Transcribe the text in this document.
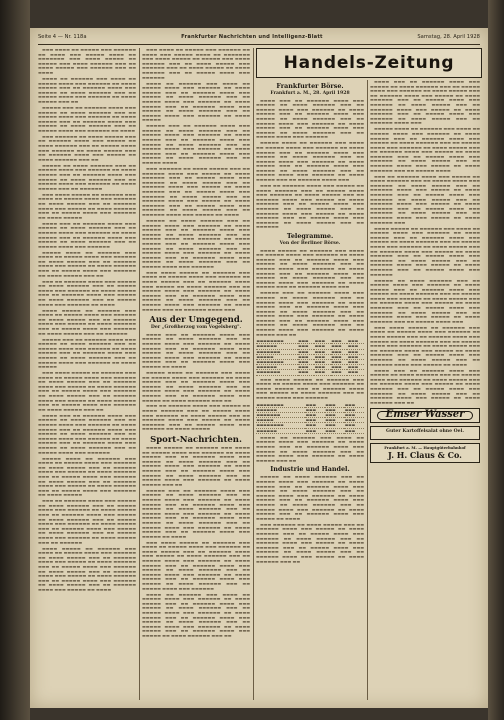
Seite 4 — Nr. 118a	Frankfurter Nachrichten und Intelligenz-Blatt	Samstag, 28. April 1928

▬▬▬ ▬▬▬▬ ▬▬ ▬▬▬▬▬ ▬▬▬ ▬▬▬▬▬▬ ▬▬ ▬▬▬▬ ▬▬▬ ▬▬▬▬▬ ▬▬▬▬ ▬▬ ▬▬▬▬▬▬▬ ▬▬▬ ▬▬▬▬ ▬▬▬▬▬ ▬▬ ▬▬▬▬▬ ▬▬▬ ▬▬▬▬ ▬▬▬▬▬▬ ▬▬▬ ▬▬ ▬▬▬▬ ▬▬▬▬▬ ▬▬▬ ▬▬▬▬▬▬ ▬▬▬ ▬▬ ▬▬▬▬

▬▬▬▬ ▬▬ ▬▬▬▬▬▬ ▬▬▬ ▬▬▬▬ ▬▬ ▬▬▬▬▬ ▬▬▬▬ ▬▬▬ ▬▬▬▬▬▬ ▬▬ ▬▬▬▬ ▬▬▬▬▬ ▬▬▬ ▬▬ ▬▬▬▬▬▬ ▬▬▬▬ ▬▬▬ ▬▬▬▬▬ ▬▬ ▬▬▬▬ ▬▬▬▬▬▬ ▬▬▬ ▬▬ ▬▬▬▬▬ ▬▬▬▬ ▬▬▬ ▬▬▬▬▬▬ ▬▬ ▬▬▬▬ ▬▬▬▬▬ ▬▬▬ ▬▬

▬▬▬▬▬ ▬▬▬ ▬▬ ▬▬▬▬▬▬ ▬▬▬▬ ▬▬▬ ▬▬▬▬▬ ▬▬ ▬▬▬▬ ▬▬▬▬▬▬ ▬▬▬ ▬▬ ▬▬▬▬▬ ▬▬▬▬ ▬▬▬ ▬▬▬▬▬▬ ▬▬ ▬▬▬▬ ▬▬▬▬▬ ▬▬▬ ▬▬ ▬▬▬▬▬▬ ▬▬▬▬ ▬▬▬ ▬▬▬▬▬ ▬▬ ▬▬▬▬ ▬▬▬▬▬▬ ▬▬▬ ▬▬ ▬▬▬▬▬ ▬▬▬▬ ▬▬▬ ▬▬▬▬▬▬ ▬▬ ▬▬▬▬

▬▬▬ ▬▬▬▬▬▬ ▬▬ ▬▬▬▬ ▬▬▬▬▬ ▬▬▬ ▬▬ ▬▬▬▬▬▬ ▬▬▬▬ ▬▬▬ ▬▬▬▬▬ ▬▬ ▬▬▬▬ ▬▬▬▬▬▬ ▬▬▬ ▬▬ ▬▬▬▬▬ ▬▬▬▬ ▬▬▬ ▬▬▬▬▬▬ ▬▬ ▬▬▬▬ ▬▬▬▬▬ ▬▬▬ ▬▬ ▬▬▬▬▬▬ ▬▬▬▬ ▬▬▬ ▬▬▬▬▬ ▬▬ ▬▬▬▬ ▬▬▬▬▬▬ ▬▬▬ ▬▬

▬▬▬▬▬ ▬▬ ▬▬▬▬ ▬▬▬▬▬▬ ▬▬▬ ▬▬ ▬▬▬▬▬ ▬▬▬▬ ▬▬▬ ▬▬▬▬▬▬ ▬▬ ▬▬▬▬ ▬▬▬▬▬ ▬▬▬ ▬▬ ▬▬▬▬▬▬ ▬▬▬▬ ▬▬▬ ▬▬▬▬▬ ▬▬ ▬▬▬▬ ▬▬▬▬▬▬ ▬▬▬ ▬▬ ▬▬▬▬▬ ▬▬▬▬ ▬▬▬ ▬▬▬▬▬▬ ▬▬ ▬▬▬▬ ▬▬▬▬▬ ▬▬▬ ▬▬ ▬▬▬▬▬▬

▬▬▬ ▬▬▬▬ ▬▬▬▬▬ ▬▬ ▬▬▬▬▬▬ ▬▬▬ ▬▬▬▬ ▬▬ ▬▬▬▬▬ ▬▬▬▬ ▬▬▬ ▬▬▬▬▬▬ ▬▬ ▬▬▬▬ ▬▬▬▬▬ ▬▬▬ ▬▬ ▬▬▬▬▬▬ ▬▬▬▬ ▬▬▬ ▬▬▬▬▬ ▬▬ ▬▬▬▬ ▬▬▬▬▬▬ ▬▬▬ ▬▬ ▬▬▬▬▬ ▬▬▬▬ ▬▬▬ ▬▬▬▬▬▬ ▬▬ ▬▬▬▬ ▬▬▬▬▬

▬▬▬▬ ▬▬▬ ▬▬ ▬▬▬▬▬▬ ▬▬▬▬ ▬▬▬ ▬▬▬▬▬ ▬▬ ▬▬▬▬ ▬▬▬▬▬▬ ▬▬▬ ▬▬ ▬▬▬▬▬ ▬▬▬▬ ▬▬▬ ▬▬▬▬▬▬ ▬▬ ▬▬▬▬ ▬▬▬▬▬ ▬▬▬ ▬▬ ▬▬▬▬▬▬ ▬▬▬▬ ▬▬▬ ▬▬▬▬▬ ▬▬ ▬▬▬▬ ▬▬▬▬▬▬ ▬▬▬ ▬▬ ▬▬▬▬▬ ▬▬▬▬ ▬▬▬ ▬▬▬▬▬▬

▬▬▬▬▬ ▬▬▬▬ ▬▬ ▬▬▬▬▬▬ ▬▬▬ ▬▬▬▬ ▬▬ ▬▬▬▬▬ ▬▬▬▬ ▬▬▬ ▬▬▬▬▬▬ ▬▬ ▬▬▬▬ ▬▬▬▬▬ ▬▬▬ ▬▬ ▬▬▬▬▬▬ ▬▬▬▬ ▬▬▬ ▬▬▬▬▬ ▬▬ ▬▬▬▬ ▬▬▬▬▬▬ ▬▬▬ ▬▬ ▬▬▬▬▬ ▬▬▬▬ ▬▬▬ ▬▬▬▬▬▬ ▬▬ ▬▬▬▬ ▬▬▬▬▬ ▬▬▬ ▬▬

▬▬▬ ▬▬ ▬▬▬▬▬▬ ▬▬▬▬ ▬▬▬ ▬▬▬▬▬ ▬▬ ▬▬▬▬ ▬▬▬▬▬▬ ▬▬▬ ▬▬ ▬▬▬▬▬ ▬▬▬▬ ▬▬▬ ▬▬▬▬▬▬ ▬▬ ▬▬▬▬ ▬▬▬▬▬ ▬▬▬ ▬▬ ▬▬▬▬▬▬ ▬▬▬▬ ▬▬▬ ▬▬▬▬▬ ▬▬ ▬▬▬▬ ▬▬▬▬▬▬ ▬▬▬ ▬▬ ▬▬▬▬▬ ▬▬▬▬ ▬▬▬ ▬▬▬▬▬▬ ▬▬ ▬▬▬▬

▬▬▬▬ ▬▬▬▬▬ ▬▬ ▬▬▬▬▬▬ ▬▬▬ ▬▬▬▬ ▬▬ ▬▬▬▬▬ ▬▬▬▬ ▬▬▬ ▬▬▬▬▬▬ ▬▬ ▬▬▬▬ ▬▬▬▬▬ ▬▬▬ ▬▬ ▬▬▬▬▬▬ ▬▬▬▬ ▬▬▬ ▬▬▬▬▬ ▬▬ ▬▬▬▬ ▬▬▬▬▬▬ ▬▬▬ ▬▬ ▬▬▬▬▬ ▬▬▬▬ ▬▬▬ ▬▬▬▬▬▬ ▬▬ ▬▬▬▬ ▬▬▬▬▬ ▬▬▬ ▬▬ ▬▬▬▬▬▬

▬▬▬▬▬ ▬▬▬ ▬▬ ▬▬▬▬▬▬ ▬▬▬▬ ▬▬▬ ▬▬▬▬▬ ▬▬ ▬▬▬▬ ▬▬▬▬▬▬ ▬▬▬ ▬▬ ▬▬▬▬▬ ▬▬▬▬ ▬▬▬ ▬▬▬▬▬▬ ▬▬ ▬▬▬▬ ▬▬▬▬▬ ▬▬▬ ▬▬ ▬▬▬▬▬▬ ▬▬▬▬ ▬▬▬ ▬▬▬▬▬ ▬▬ ▬▬▬▬ ▬▬▬▬▬▬ ▬▬▬ ▬▬ ▬▬▬▬▬ ▬▬▬▬ ▬▬▬ ▬▬▬▬▬▬ ▬▬ ▬▬▬▬ ▬▬▬▬▬

▬▬▬ ▬▬▬▬ ▬▬▬▬▬ ▬▬ ▬▬▬▬▬▬ ▬▬▬ ▬▬▬▬ ▬▬ ▬▬▬▬▬ ▬▬▬▬ ▬▬▬ ▬▬▬▬▬▬ ▬▬ ▬▬▬▬ ▬▬▬▬▬ ▬▬▬ ▬▬ ▬▬▬▬▬▬ ▬▬▬▬ ▬▬▬ ▬▬▬▬▬ ▬▬ ▬▬▬▬ ▬▬▬▬▬▬ ▬▬▬ ▬▬ ▬▬▬▬▬ ▬▬▬▬ ▬▬▬ ▬▬▬▬▬▬ ▬▬ ▬▬▬▬ ▬▬▬▬▬ ▬▬▬ ▬▬ ▬▬▬▬▬▬ ▬▬▬▬ ▬▬▬ ▬▬▬▬▬ ▬▬ ▬▬▬▬ ▬▬▬▬▬▬ ▬▬▬ ▬▬ ▬▬▬▬▬ ▬▬▬▬ ▬▬▬ ▬▬▬▬▬▬ ▬▬ ▬▬▬▬ ▬▬▬▬▬ ▬▬▬ ▬▬

▬▬▬▬ ▬▬▬ ▬▬ ▬▬▬▬▬▬ ▬▬▬▬ ▬▬▬ ▬▬▬▬▬ ▬▬ ▬▬▬▬ ▬▬▬▬▬▬ ▬▬▬ ▬▬ ▬▬▬▬▬ ▬▬▬▬ ▬▬▬ ▬▬▬▬▬▬ ▬▬ ▬▬▬▬ ▬▬▬▬▬ ▬▬▬ ▬▬ ▬▬▬▬▬▬ ▬▬▬▬ ▬▬▬ ▬▬▬▬▬ ▬▬ ▬▬▬▬ ▬▬▬▬▬▬ ▬▬▬ ▬▬ ▬▬▬▬▬ ▬▬▬▬ ▬▬▬ ▬▬▬▬▬▬ ▬▬ ▬▬▬▬ ▬▬▬▬▬ ▬▬▬ ▬▬ ▬▬▬▬▬▬ ▬▬▬▬ ▬▬▬ ▬▬▬▬▬ ▬▬ ▬▬▬▬ ▬▬▬▬▬▬ ▬▬▬ ▬▬ ▬▬▬▬▬ ▬▬▬▬ ▬▬▬ ▬▬▬▬▬▬

▬▬▬▬▬ ▬▬▬▬ ▬▬ ▬▬▬▬▬▬ ▬▬▬ ▬▬▬▬ ▬▬ ▬▬▬▬▬ ▬▬▬▬ ▬▬▬ ▬▬▬▬▬▬ ▬▬ ▬▬▬▬ ▬▬▬▬▬ ▬▬▬ ▬▬ ▬▬▬▬▬▬ ▬▬▬▬ ▬▬▬ ▬▬▬▬▬ ▬▬ ▬▬▬▬ ▬▬▬▬▬▬ ▬▬▬ ▬▬ ▬▬▬▬▬ ▬▬▬▬ ▬▬▬ ▬▬▬▬▬▬ ▬▬ ▬▬▬▬ ▬▬▬▬▬ ▬▬▬ ▬▬ ▬▬▬▬▬▬ ▬▬▬▬ ▬▬▬ ▬▬▬▬▬ ▬▬ ▬▬▬▬ ▬▬▬▬▬▬ ▬▬▬ ▬▬ ▬▬▬▬▬ ▬▬▬▬ ▬▬▬ ▬▬▬▬▬▬ ▬▬ ▬▬▬▬ ▬▬▬▬▬

▬▬▬ ▬▬ ▬▬▬▬▬▬ ▬▬▬▬ ▬▬▬ ▬▬▬▬▬ ▬▬ ▬▬▬▬ ▬▬▬▬▬▬ ▬▬▬ ▬▬ ▬▬▬▬▬ ▬▬▬▬ ▬▬▬ ▬▬▬▬▬▬ ▬▬ ▬▬▬▬ ▬▬▬▬▬ ▬▬▬ ▬▬ ▬▬▬▬▬▬ ▬▬▬▬ ▬▬▬ ▬▬▬▬▬ ▬▬ ▬▬▬▬ ▬▬▬▬▬▬ ▬▬▬ ▬▬ ▬▬▬▬▬ ▬▬▬▬ ▬▬▬ ▬▬▬▬▬▬ ▬▬ ▬▬▬▬ ▬▬▬▬▬ ▬▬▬ ▬▬ ▬▬▬▬▬▬ ▬▬▬▬ ▬▬▬ ▬▬▬▬▬ ▬▬ ▬▬▬▬ ▬▬▬▬▬▬ ▬▬▬ ▬▬ ▬▬▬▬▬ ▬▬▬▬ ▬▬▬ ▬▬▬▬▬▬ ▬▬ ▬▬▬▬ ▬▬▬▬▬ ▬▬▬ ▬▬ ▬▬▬▬▬▬

▬▬▬▬ ▬▬▬▬▬ ▬▬ ▬▬▬▬▬▬ ▬▬▬ ▬▬▬▬ ▬▬ ▬▬▬▬▬ ▬▬▬▬ ▬▬▬ ▬▬▬▬▬▬ ▬▬ ▬▬▬▬ ▬▬▬▬▬ ▬▬▬ ▬▬ ▬▬▬▬▬▬ ▬▬▬▬ ▬▬▬ ▬▬▬▬▬ ▬▬ ▬▬▬▬ ▬▬▬▬▬▬ ▬▬▬ ▬▬ ▬▬▬▬▬ ▬▬▬▬ ▬▬▬ ▬▬▬▬▬▬ ▬▬ ▬▬▬▬ ▬▬▬▬▬ ▬▬▬ ▬▬ ▬▬▬▬▬▬ ▬▬▬▬ ▬▬▬ ▬▬▬▬▬ ▬▬ ▬▬▬▬ ▬▬▬▬▬▬ ▬▬▬ ▬▬ ▬▬▬▬▬ ▬▬▬▬ ▬▬▬ ▬▬▬▬▬▬ ▬▬ ▬▬▬▬ ▬▬▬▬▬ ▬▬▬ ▬▬ ▬▬▬▬▬▬ ▬▬▬▬ ▬▬▬ ▬▬▬▬▬ ▬▬ ▬▬▬▬

▬▬▬ ▬▬▬▬ ▬▬ ▬▬▬▬▬ ▬▬▬ ▬▬▬▬▬▬ ▬▬ ▬▬▬▬ ▬▬▬ ▬▬▬▬▬ ▬▬▬▬ ▬▬ ▬▬▬▬▬▬▬ ▬▬▬ ▬▬▬▬ ▬▬▬▬▬ ▬▬ ▬▬▬▬▬ ▬▬▬ ▬▬▬▬ ▬▬▬▬▬▬ ▬▬▬ ▬▬ ▬▬▬▬ ▬▬▬▬▬ ▬▬▬ ▬▬▬▬▬▬ ▬▬▬ ▬▬ ▬▬▬▬ ▬▬▬▬▬ ▬▬ ▬▬▬▬ ▬▬▬▬▬▬ ▬▬▬ ▬▬ ▬▬▬▬▬ ▬▬▬▬ ▬▬▬ ▬▬▬▬▬▬

▬▬▬▬ ▬▬ ▬▬▬▬▬▬ ▬▬▬ ▬▬▬▬ ▬▬ ▬▬▬▬▬ ▬▬▬▬ ▬▬▬ ▬▬▬▬▬▬ ▬▬ ▬▬▬▬ ▬▬▬▬▬ ▬▬▬ ▬▬ ▬▬▬▬▬▬ ▬▬▬▬ ▬▬▬ ▬▬▬▬▬ ▬▬ ▬▬▬▬ ▬▬▬▬▬▬ ▬▬▬ ▬▬ ▬▬▬▬▬ ▬▬▬▬ ▬▬▬ ▬▬▬▬▬▬ ▬▬ ▬▬▬▬ ▬▬▬▬▬ ▬▬▬ ▬▬ ▬▬▬▬▬▬ ▬▬▬▬ ▬▬▬ ▬▬▬▬▬ ▬▬ ▬▬▬▬ ▬▬▬▬▬▬ ▬▬▬ ▬▬ ▬▬▬▬▬ ▬▬▬▬ ▬▬▬ ▬▬▬▬▬▬ ▬▬ ▬▬▬▬ ▬▬▬▬▬

▬▬▬▬▬ ▬▬▬ ▬▬ ▬▬▬▬▬▬ ▬▬▬▬ ▬▬▬ ▬▬▬▬▬ ▬▬ ▬▬▬▬ ▬▬▬▬▬▬ ▬▬▬ ▬▬ ▬▬▬▬▬ ▬▬▬▬ ▬▬▬ ▬▬▬▬▬▬ ▬▬ ▬▬▬▬ ▬▬▬▬▬ ▬▬▬ ▬▬ ▬▬▬▬▬▬ ▬▬▬▬ ▬▬▬ ▬▬▬▬▬ ▬▬ ▬▬▬▬ ▬▬▬▬▬▬ ▬▬▬ ▬▬ ▬▬▬▬▬ ▬▬▬▬ ▬▬▬ ▬▬▬▬▬▬ ▬▬ ▬▬▬▬ ▬▬▬▬▬ ▬▬▬ ▬▬ ▬▬▬▬▬▬ ▬▬▬▬ ▬▬▬ ▬▬▬▬▬ ▬▬ ▬▬▬▬ ▬▬▬▬▬▬ ▬▬▬ ▬▬ ▬▬▬▬▬ ▬▬▬▬

▬▬▬ ▬▬▬▬▬▬ ▬▬ ▬▬▬▬ ▬▬▬▬▬ ▬▬▬ ▬▬ ▬▬▬▬▬▬ ▬▬▬▬ ▬▬▬ ▬▬▬▬▬ ▬▬ ▬▬▬▬ ▬▬▬▬▬▬ ▬▬▬ ▬▬ ▬▬▬▬▬ ▬▬▬▬ ▬▬▬ ▬▬▬▬▬▬ ▬▬ ▬▬▬▬ ▬▬▬▬▬ ▬▬▬ ▬▬ ▬▬▬▬▬▬ ▬▬▬▬ ▬▬▬ ▬▬▬▬▬ ▬▬ ▬▬▬▬ ▬▬▬▬▬▬ ▬▬▬ ▬▬ ▬▬▬▬▬ ▬▬▬▬ ▬▬▬ ▬▬▬▬▬▬ ▬▬ ▬▬▬▬ ▬▬▬▬▬ ▬▬▬ ▬▬ ▬▬▬▬▬▬ ▬▬▬▬ ▬▬▬ ▬▬▬▬▬ ▬▬ ▬▬▬▬ ▬▬▬▬▬▬ ▬▬▬ ▬▬ ▬▬▬▬▬ ▬▬▬▬ ▬▬▬ ▬▬▬▬▬▬ ▬▬ ▬▬▬▬ ▬▬▬▬▬ ▬▬▬ ▬▬ ▬▬▬▬▬▬ ▬▬▬▬ ▬▬▬ ▬▬▬▬▬ ▬▬ ▬▬▬▬

▬▬▬▬▬ ▬▬ ▬▬▬▬ ▬▬▬▬▬▬ ▬▬▬ ▬▬ ▬▬▬▬▬ ▬▬▬▬ ▬▬▬ ▬▬▬▬▬▬ ▬▬ ▬▬▬▬ ▬▬▬▬▬ ▬▬▬ ▬▬ ▬▬▬▬▬▬ ▬▬▬▬ ▬▬▬ ▬▬▬▬▬ ▬▬ ▬▬▬▬ ▬▬▬▬▬▬ ▬▬▬ ▬▬ ▬▬▬▬▬ ▬▬▬▬ ▬▬▬ ▬▬▬▬▬▬ ▬▬ ▬▬▬▬ ▬▬▬▬▬ ▬▬▬ ▬▬ ▬▬▬▬▬▬ ▬▬▬▬ ▬▬▬ ▬▬▬▬▬ ▬▬ ▬▬▬▬ ▬▬▬▬▬▬ ▬▬▬ ▬▬ ▬▬▬▬▬ ▬▬▬▬ ▬▬▬ ▬▬▬▬▬▬ ▬▬ ▬▬▬▬ ▬▬▬▬▬ ▬▬▬ ▬▬ ▬▬▬▬▬▬ ▬▬▬▬ ▬▬▬ ▬▬▬▬▬ ▬▬ ▬▬▬▬ ▬▬▬▬▬▬ ▬▬▬ ▬▬ ▬▬▬▬▬ ▬▬▬▬ ▬▬▬ ▬▬▬▬▬▬

▬▬▬ ▬▬▬▬ ▬▬▬▬▬ ▬▬ ▬▬▬▬▬▬ ▬▬▬ ▬▬▬▬ ▬▬ ▬▬▬▬▬ ▬▬▬▬ ▬▬▬ ▬▬▬▬▬▬ ▬▬ ▬▬▬▬ ▬▬▬▬▬ ▬▬▬ ▬▬ ▬▬▬▬▬▬ ▬▬▬▬ ▬▬▬ ▬▬▬▬▬ ▬▬ ▬▬▬▬ ▬▬▬▬▬▬ ▬▬▬ ▬▬ ▬▬▬▬▬ ▬▬▬▬ ▬▬▬ ▬▬▬▬▬▬ ▬▬ ▬▬▬▬ ▬▬▬▬▬ ▬▬▬ ▬▬ ▬▬▬▬▬▬ ▬▬▬▬ ▬▬▬ ▬▬▬▬▬ ▬▬ ▬▬▬▬ ▬▬▬▬▬▬ ▬▬▬ ▬▬ ▬▬▬▬▬ ▬▬▬▬ ▬▬▬ ▬▬▬▬▬▬ ▬▬ ▬▬▬▬ ▬▬▬▬▬ ▬▬▬ ▬▬ ▬▬▬▬▬▬ ▬▬▬▬ ▬▬▬

Aus der Umgegend.
Der „Großherzog vom Vogelsberg".

▬▬▬▬ ▬▬▬ ▬▬ ▬▬▬▬▬▬ ▬▬▬▬ ▬▬▬ ▬▬▬▬▬ ▬▬ ▬▬▬▬ ▬▬▬▬▬▬ ▬▬▬ ▬▬ ▬▬▬▬▬ ▬▬▬▬ ▬▬▬ ▬▬▬▬▬▬ ▬▬ ▬▬▬▬ ▬▬▬▬▬ ▬▬▬ ▬▬ ▬▬▬▬▬▬ ▬▬▬▬ ▬▬▬ ▬▬▬▬▬ ▬▬ ▬▬▬▬ ▬▬▬▬▬▬ ▬▬▬ ▬▬ ▬▬▬▬▬ ▬▬▬▬ ▬▬▬ ▬▬▬▬▬▬ ▬▬ ▬▬▬▬ ▬▬▬▬▬ ▬▬▬ ▬▬ ▬▬▬▬▬▬ ▬▬▬▬ ▬▬▬ ▬▬▬▬▬ ▬▬ ▬▬▬▬

▬▬▬▬▬ ▬▬▬▬ ▬▬ ▬▬▬▬▬▬ ▬▬▬ ▬▬▬▬ ▬▬ ▬▬▬▬▬ ▬▬▬▬ ▬▬▬ ▬▬▬▬▬▬ ▬▬ ▬▬▬▬ ▬▬▬▬▬ ▬▬▬ ▬▬ ▬▬▬▬▬▬ ▬▬▬▬ ▬▬▬ ▬▬▬▬▬ ▬▬ ▬▬▬▬ ▬▬▬▬▬▬ ▬▬▬ ▬▬ ▬▬▬▬▬ ▬▬▬▬ ▬▬▬ ▬▬▬▬▬▬ ▬▬ ▬▬▬▬ ▬▬▬▬▬ ▬▬▬ ▬▬ ▬▬▬▬▬▬ ▬▬▬▬ ▬▬▬ ▬▬▬▬▬ ▬▬ ▬▬▬▬ ▬▬▬▬▬▬ ▬▬▬ ▬▬

▬▬▬ ▬▬ ▬▬▬▬▬▬ ▬▬▬▬ ▬▬▬ ▬▬▬▬▬ ▬▬ ▬▬▬▬ ▬▬▬▬▬▬ ▬▬▬ ▬▬ ▬▬▬▬▬ ▬▬▬▬ ▬▬▬ ▬▬▬▬▬▬ ▬▬ ▬▬▬▬ ▬▬▬▬▬ ▬▬▬ ▬▬ ▬▬▬▬▬▬ ▬▬▬▬ ▬▬▬ ▬▬▬▬▬ ▬▬ ▬▬▬▬ ▬▬▬▬▬▬ ▬▬▬ ▬▬ ▬▬▬▬▬ ▬▬▬▬ ▬▬▬ ▬▬▬▬▬▬ ▬▬ ▬▬▬▬ ▬▬▬▬▬

Sport-Nachrichten.

▬▬▬▬ ▬▬▬▬▬ ▬▬ ▬▬▬▬▬▬ ▬▬▬ ▬▬▬▬ ▬▬ ▬▬▬▬▬ ▬▬▬▬ ▬▬▬ ▬▬▬▬▬▬ ▬▬ ▬▬▬▬ ▬▬▬▬▬ ▬▬▬ ▬▬ ▬▬▬▬▬▬ ▬▬▬▬ ▬▬▬ ▬▬▬▬▬ ▬▬ ▬▬▬▬ ▬▬▬▬▬▬ ▬▬▬ ▬▬ ▬▬▬▬▬ ▬▬▬▬ ▬▬▬ ▬▬▬▬▬▬ ▬▬ ▬▬▬▬ ▬▬▬▬▬ ▬▬▬ ▬▬ ▬▬▬▬▬▬ ▬▬▬▬ ▬▬▬ ▬▬▬▬▬ ▬▬ ▬▬▬▬ ▬▬▬▬▬▬ ▬▬▬ ▬▬ ▬▬▬▬▬ ▬▬▬▬ ▬▬▬ ▬▬▬▬▬▬ ▬▬ ▬▬▬▬ ▬▬▬▬▬ ▬▬▬ ▬▬

▬▬▬▬▬ ▬▬▬ ▬▬ ▬▬▬▬▬▬ ▬▬▬▬ ▬▬▬ ▬▬▬▬▬ ▬▬ ▬▬▬▬ ▬▬▬▬▬▬ ▬▬▬ ▬▬ ▬▬▬▬▬ ▬▬▬▬ ▬▬▬ ▬▬▬▬▬▬ ▬▬ ▬▬▬▬ ▬▬▬▬▬ ▬▬▬ ▬▬ ▬▬▬▬▬▬ ▬▬▬▬ ▬▬▬ ▬▬▬▬▬ ▬▬ ▬▬▬▬ ▬▬▬▬▬▬ ▬▬▬ ▬▬ ▬▬▬▬▬ ▬▬▬▬ ▬▬▬ ▬▬▬▬▬▬ ▬▬ ▬▬▬▬ ▬▬▬▬▬ ▬▬▬ ▬▬ ▬▬▬▬▬▬ ▬▬▬▬ ▬▬▬ ▬▬▬▬▬ ▬▬ ▬▬▬▬ ▬▬▬▬▬▬ ▬▬▬ ▬▬ ▬▬▬▬▬ ▬▬▬▬ ▬▬▬ ▬▬▬▬▬▬ ▬▬ ▬▬▬▬ ▬▬▬▬▬ ▬▬▬ ▬▬ ▬▬▬▬▬▬ ▬▬▬▬ ▬▬▬ ▬▬▬▬▬ ▬▬ ▬▬▬▬

▬▬▬ ▬▬▬▬ ▬▬▬▬▬ ▬▬ ▬▬▬▬▬▬ ▬▬▬ ▬▬▬▬ ▬▬ ▬▬▬▬▬ ▬▬▬▬ ▬▬▬ ▬▬▬▬▬▬ ▬▬ ▬▬▬▬ ▬▬▬▬▬ ▬▬▬ ▬▬ ▬▬▬▬▬▬ ▬▬▬▬ ▬▬▬ ▬▬▬▬▬ ▬▬ ▬▬▬▬ ▬▬▬▬▬▬ ▬▬▬ ▬▬ ▬▬▬▬▬ ▬▬▬▬ ▬▬▬ ▬▬▬▬▬▬ ▬▬ ▬▬▬▬ ▬▬▬▬▬ ▬▬▬ ▬▬ ▬▬▬▬▬▬ ▬▬▬▬ ▬▬▬ ▬▬▬▬▬ ▬▬ ▬▬▬▬ ▬▬▬▬▬▬ ▬▬▬ ▬▬ ▬▬▬▬▬ ▬▬▬▬ ▬▬▬ ▬▬▬▬▬▬ ▬▬ ▬▬▬▬ ▬▬▬▬▬ ▬▬▬ ▬▬ ▬▬▬▬▬▬ ▬▬▬▬ ▬▬▬ ▬▬▬▬▬ ▬▬ ▬▬▬▬ ▬▬▬▬▬▬ ▬▬▬ ▬▬ ▬▬▬▬▬ ▬▬▬▬ ▬▬▬ ▬▬▬▬▬▬

▬▬▬▬ ▬▬ ▬▬▬▬▬▬ ▬▬▬ ▬▬▬▬ ▬▬ ▬▬▬▬▬ ▬▬▬▬ ▬▬▬ ▬▬▬▬▬▬ ▬▬ ▬▬▬▬ ▬▬▬▬▬ ▬▬▬ ▬▬ ▬▬▬▬▬▬ ▬▬▬▬ ▬▬▬ ▬▬▬▬▬ ▬▬ ▬▬▬▬ ▬▬▬▬▬▬ ▬▬▬ ▬▬ ▬▬▬▬▬ ▬▬▬▬ ▬▬▬ ▬▬▬▬▬▬ ▬▬ ▬▬▬▬ ▬▬▬▬▬ ▬▬▬ ▬▬ ▬▬▬▬▬▬ ▬▬▬▬ ▬▬▬ ▬▬▬▬▬ ▬▬ ▬▬▬▬ ▬▬▬▬▬▬ ▬▬▬ ▬▬ ▬▬▬▬▬ ▬▬▬▬ ▬▬▬ ▬▬▬▬▬▬ ▬▬ ▬▬▬▬ ▬▬▬▬▬ ▬▬▬ ▬▬ ▬▬▬▬▬▬ ▬▬▬▬ ▬▬▬ ▬▬▬▬▬ ▬▬ ▬▬▬▬ ▬▬▬▬▬▬ ▬▬▬ ▬▬

Handels-Zeitung
Frankfurter Börse.
Frankfurt a. M., 28. April 1928

▬▬▬▬ ▬▬▬ ▬▬ ▬▬▬▬▬▬ ▬▬▬▬ ▬▬▬ ▬▬▬▬▬ ▬▬ ▬▬▬▬ ▬▬▬▬▬▬ ▬▬▬ ▬▬ ▬▬▬▬▬ ▬▬▬▬ ▬▬▬ ▬▬▬▬▬▬ ▬▬ ▬▬▬▬ ▬▬▬▬▬ ▬▬▬ ▬▬ ▬▬▬▬▬▬ ▬▬▬▬ ▬▬▬ ▬▬▬▬▬ ▬▬ ▬▬▬▬ ▬▬▬▬▬▬ ▬▬▬ ▬▬ ▬▬▬▬▬ ▬▬▬▬ ▬▬▬ ▬▬▬▬▬▬ ▬▬ ▬▬▬▬ ▬▬▬▬▬ ▬▬▬ ▬▬ ▬▬▬▬▬▬ ▬▬▬▬ ▬▬▬ ▬▬▬▬▬ ▬▬ ▬▬▬▬ ▬▬▬▬▬▬ ▬▬▬ ▬▬ ▬▬▬▬▬ ▬▬▬▬ ▬▬▬ ▬▬▬▬▬▬

▬▬▬▬▬ ▬▬▬▬ ▬▬ ▬▬▬▬▬▬ ▬▬▬ ▬▬▬▬ ▬▬ ▬▬▬▬▬ ▬▬▬▬ ▬▬▬ ▬▬▬▬▬▬ ▬▬ ▬▬▬▬ ▬▬▬▬▬ ▬▬▬ ▬▬ ▬▬▬▬▬▬ ▬▬▬▬ ▬▬▬ ▬▬▬▬▬ ▬▬ ▬▬▬▬ ▬▬▬▬▬▬ ▬▬▬ ▬▬ ▬▬▬▬▬ ▬▬▬▬ ▬▬▬ ▬▬▬▬▬▬ ▬▬ ▬▬▬▬ ▬▬▬▬▬ ▬▬▬ ▬▬ ▬▬▬▬▬▬ ▬▬▬▬ ▬▬▬ ▬▬▬▬▬ ▬▬ ▬▬▬▬ ▬▬▬▬▬▬ ▬▬▬ ▬▬ ▬▬▬▬▬ ▬▬▬▬ ▬▬▬ ▬▬▬▬▬▬ ▬▬ ▬▬▬▬ ▬▬▬▬▬ ▬▬▬ ▬▬ ▬▬▬▬▬▬ ▬▬▬▬ ▬▬▬

▬▬▬ ▬▬ ▬▬▬▬▬▬ ▬▬▬▬ ▬▬▬ ▬▬▬▬▬ ▬▬ ▬▬▬▬ ▬▬▬▬▬▬ ▬▬▬ ▬▬ ▬▬▬▬▬ ▬▬▬▬ ▬▬▬ ▬▬▬▬▬▬ ▬▬ ▬▬▬▬ ▬▬▬▬▬ ▬▬▬ ▬▬ ▬▬▬▬▬▬ ▬▬▬▬ ▬▬▬ ▬▬▬▬▬ ▬▬ ▬▬▬▬ ▬▬▬▬▬▬ ▬▬▬ ▬▬ ▬▬▬▬▬ ▬▬▬▬ ▬▬▬ ▬▬▬▬▬▬ ▬▬ ▬▬▬▬ ▬▬▬▬▬ ▬▬▬ ▬▬ ▬▬▬▬▬▬ ▬▬▬▬ ▬▬▬ ▬▬▬▬▬ ▬▬ ▬▬▬▬ ▬▬▬▬▬▬ ▬▬▬ ▬▬ ▬▬▬▬▬ ▬▬▬▬ ▬▬▬ ▬▬▬▬▬▬ ▬▬ ▬▬▬▬ ▬▬▬▬▬ ▬▬▬ ▬▬ ▬▬▬▬▬▬

Telegramme.
Von der Berliner Börse.

▬▬▬▬ ▬▬▬▬▬ ▬▬ ▬▬▬▬▬▬ ▬▬▬ ▬▬▬▬ ▬▬ ▬▬▬▬▬ ▬▬▬▬ ▬▬▬ ▬▬▬▬▬▬ ▬▬ ▬▬▬▬ ▬▬▬▬▬ ▬▬▬ ▬▬ ▬▬▬▬▬▬ ▬▬▬▬ ▬▬▬ ▬▬▬▬▬ ▬▬ ▬▬▬▬ ▬▬▬▬▬▬ ▬▬▬ ▬▬ ▬▬▬▬▬ ▬▬▬▬ ▬▬▬ ▬▬▬▬▬▬ ▬▬ ▬▬▬▬ ▬▬▬▬▬ ▬▬▬ ▬▬ ▬▬▬▬▬▬ ▬▬▬▬ ▬▬▬ ▬▬▬▬▬ ▬▬ ▬▬▬▬ ▬▬▬▬▬▬ ▬▬▬ ▬▬ ▬▬▬▬▬ ▬▬▬▬ ▬▬▬ ▬▬▬▬▬▬ ▬▬ ▬▬▬▬ ▬▬▬▬▬ ▬▬▬ ▬▬ ▬▬▬▬▬▬ ▬▬▬▬ ▬▬▬

▬▬▬▬▬ ▬▬▬ ▬▬ ▬▬▬▬▬▬ ▬▬▬▬ ▬▬▬ ▬▬▬▬▬ ▬▬ ▬▬▬▬ ▬▬▬▬▬▬ ▬▬▬ ▬▬ ▬▬▬▬▬ ▬▬▬▬ ▬▬▬ ▬▬▬▬▬▬ ▬▬ ▬▬▬▬ ▬▬▬▬▬ ▬▬▬ ▬▬ ▬▬▬▬▬▬ ▬▬▬▬ ▬▬▬ ▬▬▬▬▬ ▬▬ ▬▬▬▬ ▬▬▬▬▬▬ ▬▬▬ ▬▬ ▬▬▬▬▬ ▬▬▬▬ ▬▬▬ ▬▬▬▬▬▬ ▬▬ ▬▬▬▬ ▬▬▬▬▬ ▬▬▬ ▬▬ ▬▬▬▬▬▬ ▬▬▬▬ ▬▬▬ ▬▬▬▬▬ ▬▬ ▬▬▬▬ ▬▬▬▬▬▬ ▬▬▬ ▬▬ ▬▬▬▬▬ ▬▬▬▬ ▬▬▬ ▬▬▬▬▬▬ ▬▬ ▬▬▬▬ ▬▬▬▬▬ ▬▬▬ ▬▬

▬▬▬▬▬▬▬▬	▬▬▬	▬▬▬	▬▬▬	▬▬▬
▬▬▬▬▬▬	▬▬▬	▬▬▬	▬▬▬	▬▬▬
▬▬▬▬▬▬▬	▬▬▬	▬▬▬	▬▬▬	▬▬▬
▬▬▬▬▬	▬▬▬	▬▬▬	▬▬▬	▬▬▬
▬▬▬▬▬▬▬▬	▬▬▬	▬▬▬	▬▬▬	▬▬▬
▬▬▬▬▬▬	▬▬▬	▬▬▬	▬▬▬	▬▬▬
▬▬▬▬▬▬▬	▬▬▬	▬▬▬	▬▬▬	▬▬▬

▬▬▬ ▬▬▬▬ ▬▬▬▬▬ ▬▬ ▬▬▬▬▬▬ ▬▬▬ ▬▬▬▬ ▬▬ ▬▬▬▬▬ ▬▬▬▬ ▬▬▬ ▬▬▬▬▬▬ ▬▬ ▬▬▬▬ ▬▬▬▬▬ ▬▬▬ ▬▬ ▬▬▬▬▬▬ ▬▬▬▬ ▬▬▬ ▬▬▬▬▬ ▬▬ ▬▬▬▬ ▬▬▬▬▬▬ ▬▬▬ ▬▬ ▬▬▬▬▬ ▬▬▬▬ ▬▬▬ ▬▬▬▬▬▬

▬▬▬▬▬▬▬▬	▬▬▬	▬▬▬	▬▬▬
▬▬▬▬▬▬	▬▬▬	▬▬▬	▬▬▬
▬▬▬▬▬▬▬	▬▬▬	▬▬▬	▬▬▬
▬▬▬▬▬	▬▬▬	▬▬▬	▬▬▬
▬▬▬▬▬▬▬▬	▬▬▬	▬▬▬	▬▬▬
▬▬▬▬▬▬	▬▬▬	▬▬▬	▬▬▬

▬▬▬▬ ▬▬ ▬▬▬▬▬▬ ▬▬▬ ▬▬▬▬ ▬▬ ▬▬▬▬▬ ▬▬▬▬ ▬▬▬ ▬▬▬▬▬▬ ▬▬ ▬▬▬▬ ▬▬▬▬▬ ▬▬▬ ▬▬ ▬▬▬▬▬▬ ▬▬▬▬ ▬▬▬ ▬▬▬▬▬ ▬▬ ▬▬▬▬ ▬▬▬▬▬▬ ▬▬▬ ▬▬ ▬▬▬▬▬ ▬▬▬▬ ▬▬▬ ▬▬▬▬▬▬ ▬▬ ▬▬▬▬ ▬▬▬▬▬ ▬▬▬ ▬▬

Industrie und Handel.

▬▬▬▬▬ ▬▬ ▬▬▬▬ ▬▬▬▬▬▬ ▬▬▬ ▬▬ ▬▬▬▬▬ ▬▬▬▬ ▬▬▬ ▬▬▬▬▬▬ ▬▬ ▬▬▬▬ ▬▬▬▬▬ ▬▬▬ ▬▬ ▬▬▬▬▬▬ ▬▬▬▬ ▬▬▬ ▬▬▬▬▬ ▬▬ ▬▬▬▬ ▬▬▬▬▬▬ ▬▬▬ ▬▬ ▬▬▬▬▬ ▬▬▬▬ ▬▬▬ ▬▬▬▬▬▬ ▬▬ ▬▬▬▬ ▬▬▬▬▬ ▬▬▬ ▬▬ ▬▬▬▬▬▬ ▬▬▬▬ ▬▬▬ ▬▬▬▬▬ ▬▬ ▬▬▬▬ ▬▬▬▬▬▬ ▬▬▬ ▬▬ ▬▬▬▬▬ ▬▬▬▬ ▬▬▬ ▬▬▬▬▬▬ ▬▬ ▬▬▬▬ ▬▬▬▬▬ ▬▬▬ ▬▬ ▬▬▬▬▬▬ ▬▬▬▬ ▬▬▬ ▬▬▬▬▬ ▬▬ ▬▬▬▬

▬▬▬ ▬▬▬▬▬▬ ▬▬ ▬▬▬▬ ▬▬▬▬▬ ▬▬▬ ▬▬ ▬▬▬▬▬▬ ▬▬▬▬ ▬▬▬ ▬▬▬▬▬ ▬▬ ▬▬▬▬ ▬▬▬▬▬▬ ▬▬▬ ▬▬ ▬▬▬▬▬ ▬▬▬▬ ▬▬▬ ▬▬▬▬▬▬ ▬▬ ▬▬▬▬ ▬▬▬▬▬ ▬▬▬ ▬▬ ▬▬▬▬▬▬ ▬▬▬▬ ▬▬▬ ▬▬▬▬▬ ▬▬ ▬▬▬▬ ▬▬▬▬▬▬ ▬▬▬ ▬▬ ▬▬▬▬▬ ▬▬▬▬ ▬▬▬ ▬▬▬▬▬▬ ▬▬ ▬▬▬▬ ▬▬▬▬▬ ▬▬▬ ▬▬ ▬▬▬▬▬▬ ▬▬▬▬ ▬▬▬ ▬▬▬▬▬ ▬▬ ▬▬▬▬ ▬▬▬▬▬▬ ▬▬▬ ▬▬

▬▬▬▬ ▬▬▬ ▬▬ ▬▬▬▬▬▬ ▬▬▬▬ ▬▬▬ ▬▬▬▬▬ ▬▬ ▬▬▬▬ ▬▬▬▬▬▬ ▬▬▬ ▬▬ ▬▬▬▬▬ ▬▬▬▬ ▬▬▬ ▬▬▬▬▬▬ ▬▬ ▬▬▬▬ ▬▬▬▬▬ ▬▬▬ ▬▬ ▬▬▬▬▬▬ ▬▬▬▬ ▬▬▬ ▬▬▬▬▬ ▬▬ ▬▬▬▬ ▬▬▬▬▬▬ ▬▬▬ ▬▬ ▬▬▬▬▬ ▬▬▬▬ ▬▬▬ ▬▬▬▬▬▬ ▬▬ ▬▬▬▬ ▬▬▬▬▬ ▬▬▬ ▬▬ ▬▬▬▬▬▬ ▬▬▬▬ ▬▬▬ ▬▬▬▬▬ ▬▬ ▬▬▬▬ ▬▬▬▬▬▬ ▬▬▬ ▬▬ ▬▬▬▬▬ ▬▬▬▬ ▬▬▬ ▬▬▬▬▬▬ ▬▬ ▬▬▬▬ ▬▬▬▬▬ ▬▬▬ ▬▬ ▬▬▬▬▬▬ ▬▬▬▬ ▬▬▬

▬▬▬▬▬ ▬▬▬▬ ▬▬ ▬▬▬▬▬▬ ▬▬▬ ▬▬▬▬ ▬▬ ▬▬▬▬▬ ▬▬▬▬ ▬▬▬ ▬▬▬▬▬▬ ▬▬ ▬▬▬▬ ▬▬▬▬▬ ▬▬▬ ▬▬ ▬▬▬▬▬▬ ▬▬▬▬ ▬▬▬ ▬▬▬▬▬ ▬▬ ▬▬▬▬ ▬▬▬▬▬▬ ▬▬▬ ▬▬ ▬▬▬▬▬ ▬▬▬▬ ▬▬▬ ▬▬▬▬▬▬ ▬▬ ▬▬▬▬ ▬▬▬▬▬ ▬▬▬ ▬▬ ▬▬▬▬▬▬ ▬▬▬▬ ▬▬▬ ▬▬▬▬▬ ▬▬ ▬▬▬▬ ▬▬▬▬▬▬ ▬▬▬ ▬▬ ▬▬▬▬▬ ▬▬▬▬ ▬▬▬ ▬▬▬▬▬▬ ▬▬ ▬▬▬▬ ▬▬▬▬▬ ▬▬▬ ▬▬ ▬▬▬▬▬▬ ▬▬▬▬ ▬▬▬ ▬▬▬▬▬ ▬▬ ▬▬▬▬ ▬▬▬▬▬▬ ▬▬▬ ▬▬ ▬▬▬▬▬ ▬▬▬▬

▬▬▬ ▬▬ ▬▬▬▬▬▬ ▬▬▬▬ ▬▬▬ ▬▬▬▬▬ ▬▬ ▬▬▬▬ ▬▬▬▬▬▬ ▬▬▬ ▬▬ ▬▬▬▬▬ ▬▬▬▬ ▬▬▬ ▬▬▬▬▬▬ ▬▬ ▬▬▬▬ ▬▬▬▬▬ ▬▬▬ ▬▬ ▬▬▬▬▬▬ ▬▬▬▬ ▬▬▬ ▬▬▬▬▬ ▬▬ ▬▬▬▬ ▬▬▬▬▬▬ ▬▬▬ ▬▬ ▬▬▬▬▬ ▬▬▬▬ ▬▬▬ ▬▬▬▬▬▬ ▬▬ ▬▬▬▬ ▬▬▬▬▬ ▬▬▬ ▬▬ ▬▬▬▬▬▬ ▬▬▬▬ ▬▬▬ ▬▬▬▬▬ ▬▬ ▬▬▬▬ ▬▬▬▬▬▬ ▬▬▬ ▬▬ ▬▬▬▬▬ ▬▬▬▬ ▬▬▬ ▬▬▬▬▬▬ ▬▬ ▬▬▬▬ ▬▬▬▬▬ ▬▬▬ ▬▬ ▬▬▬▬▬▬ ▬▬▬▬ ▬▬▬ ▬▬▬▬▬ ▬▬ ▬▬▬▬ ▬▬▬▬▬▬ ▬▬▬

▬▬▬▬ ▬▬▬▬▬ ▬▬ ▬▬▬▬▬▬ ▬▬▬ ▬▬▬▬ ▬▬ ▬▬▬▬▬ ▬▬▬▬ ▬▬▬ ▬▬▬▬▬▬ ▬▬ ▬▬▬▬ ▬▬▬▬▬ ▬▬▬ ▬▬ ▬▬▬▬▬▬ ▬▬▬▬ ▬▬▬ ▬▬▬▬▬ ▬▬ ▬▬▬▬ ▬▬▬▬▬▬ ▬▬▬ ▬▬ ▬▬▬▬▬ ▬▬▬▬ ▬▬▬ ▬▬▬▬▬▬ ▬▬ ▬▬▬▬ ▬▬▬▬▬ ▬▬▬ ▬▬ ▬▬▬▬▬▬ ▬▬▬▬ ▬▬▬ ▬▬▬▬▬ ▬▬ ▬▬▬▬ ▬▬▬▬▬▬ ▬▬▬ ▬▬ ▬▬▬▬▬ ▬▬▬▬ ▬▬▬ ▬▬▬▬▬▬ ▬▬ ▬▬▬▬ ▬▬▬▬▬ ▬▬▬ ▬▬ ▬▬▬▬▬▬ ▬▬▬▬ ▬▬▬ ▬▬▬▬▬ ▬▬ ▬▬▬▬ ▬▬▬▬▬▬ ▬▬▬ ▬▬ ▬▬▬▬▬ ▬▬▬▬ ▬▬▬ ▬▬▬▬▬▬

▬▬▬▬▬ ▬▬ ▬▬▬▬ ▬▬▬▬▬▬ ▬▬▬ ▬▬ ▬▬▬▬▬ ▬▬▬▬ ▬▬▬ ▬▬▬▬▬▬ ▬▬ ▬▬▬▬ ▬▬▬▬▬ ▬▬▬ ▬▬ ▬▬▬▬▬▬ ▬▬▬▬ ▬▬▬ ▬▬▬▬▬ ▬▬ ▬▬▬▬ ▬▬▬▬▬▬ ▬▬▬ ▬▬ ▬▬▬▬▬ ▬▬▬▬ ▬▬▬ ▬▬▬▬▬▬ ▬▬ ▬▬▬▬ ▬▬▬▬▬ ▬▬▬ ▬▬ ▬▬▬▬▬▬ ▬▬▬▬ ▬▬▬ ▬▬▬▬▬ ▬▬ ▬▬▬▬ ▬▬▬▬▬▬ ▬▬▬ ▬▬ ▬▬▬▬▬ ▬▬▬▬ ▬▬▬ ▬▬▬▬▬▬ ▬▬ ▬▬▬▬ ▬▬▬▬▬ ▬▬▬ ▬▬ ▬▬▬▬▬▬ ▬▬▬▬ ▬▬▬ ▬▬▬▬▬ ▬▬ ▬▬▬▬ ▬▬▬▬▬▬ ▬▬▬ ▬▬ ▬▬▬▬▬ ▬▬▬▬ ▬▬▬

▬▬▬ ▬▬▬▬ ▬▬▬▬▬ ▬▬ ▬▬▬▬▬▬ ▬▬▬ ▬▬▬▬ ▬▬ ▬▬▬▬▬ ▬▬▬▬ ▬▬▬ ▬▬▬▬▬▬ ▬▬ ▬▬▬▬ ▬▬▬▬▬ ▬▬▬ ▬▬ ▬▬▬▬▬▬ ▬▬▬▬ ▬▬▬ ▬▬▬▬▬ ▬▬ ▬▬▬▬ ▬▬▬▬▬▬ ▬▬▬ ▬▬ ▬▬▬▬▬ ▬▬▬▬ ▬▬▬ ▬▬▬▬▬▬ ▬▬ ▬▬▬▬ ▬▬▬▬▬ ▬▬▬ ▬▬ ▬▬▬▬▬▬ ▬▬▬▬ ▬▬▬ ▬▬▬▬▬ ▬▬ ▬▬▬▬ ▬▬▬▬▬▬ ▬▬▬ ▬▬ ▬▬▬▬▬ ▬▬▬▬ ▬▬▬ ▬▬▬▬▬▬ ▬▬ ▬▬▬▬ ▬▬▬▬▬ ▬▬▬ ▬▬ ▬▬▬▬▬▬ ▬▬▬▬ ▬▬▬ ▬▬▬▬▬ ▬▬ ▬▬▬▬

▬▬▬▬ ▬▬▬ ▬▬ ▬▬▬▬▬▬ ▬▬▬▬ ▬▬▬ ▬▬▬▬▬ ▬▬ ▬▬▬▬ ▬▬▬▬▬▬ ▬▬▬ ▬▬ ▬▬▬▬▬ ▬▬▬▬ ▬▬▬ ▬▬▬▬▬▬ ▬▬ ▬▬▬▬ ▬▬▬▬▬ ▬▬▬ ▬▬ ▬▬▬▬▬▬ ▬▬▬▬ ▬▬▬ ▬▬▬▬▬ ▬▬ ▬▬▬▬ ▬▬▬▬▬▬ ▬▬▬ ▬▬ ▬▬▬▬▬ ▬▬▬▬ ▬▬▬ ▬▬▬▬▬▬ ▬▬ ▬▬▬▬ ▬▬▬▬▬ ▬▬▬ ▬▬ ▬▬▬▬▬▬ ▬▬▬▬ ▬▬▬ ▬▬▬▬▬ ▬▬ ▬▬▬▬ ▬▬▬▬▬▬ ▬▬▬ ▬▬

Emser Wasser
Guter Kartoffelsalat ohne Oel.
Frankfurt a. M. — Hauptgüterbahnhof
J. H. Claus & Co.
